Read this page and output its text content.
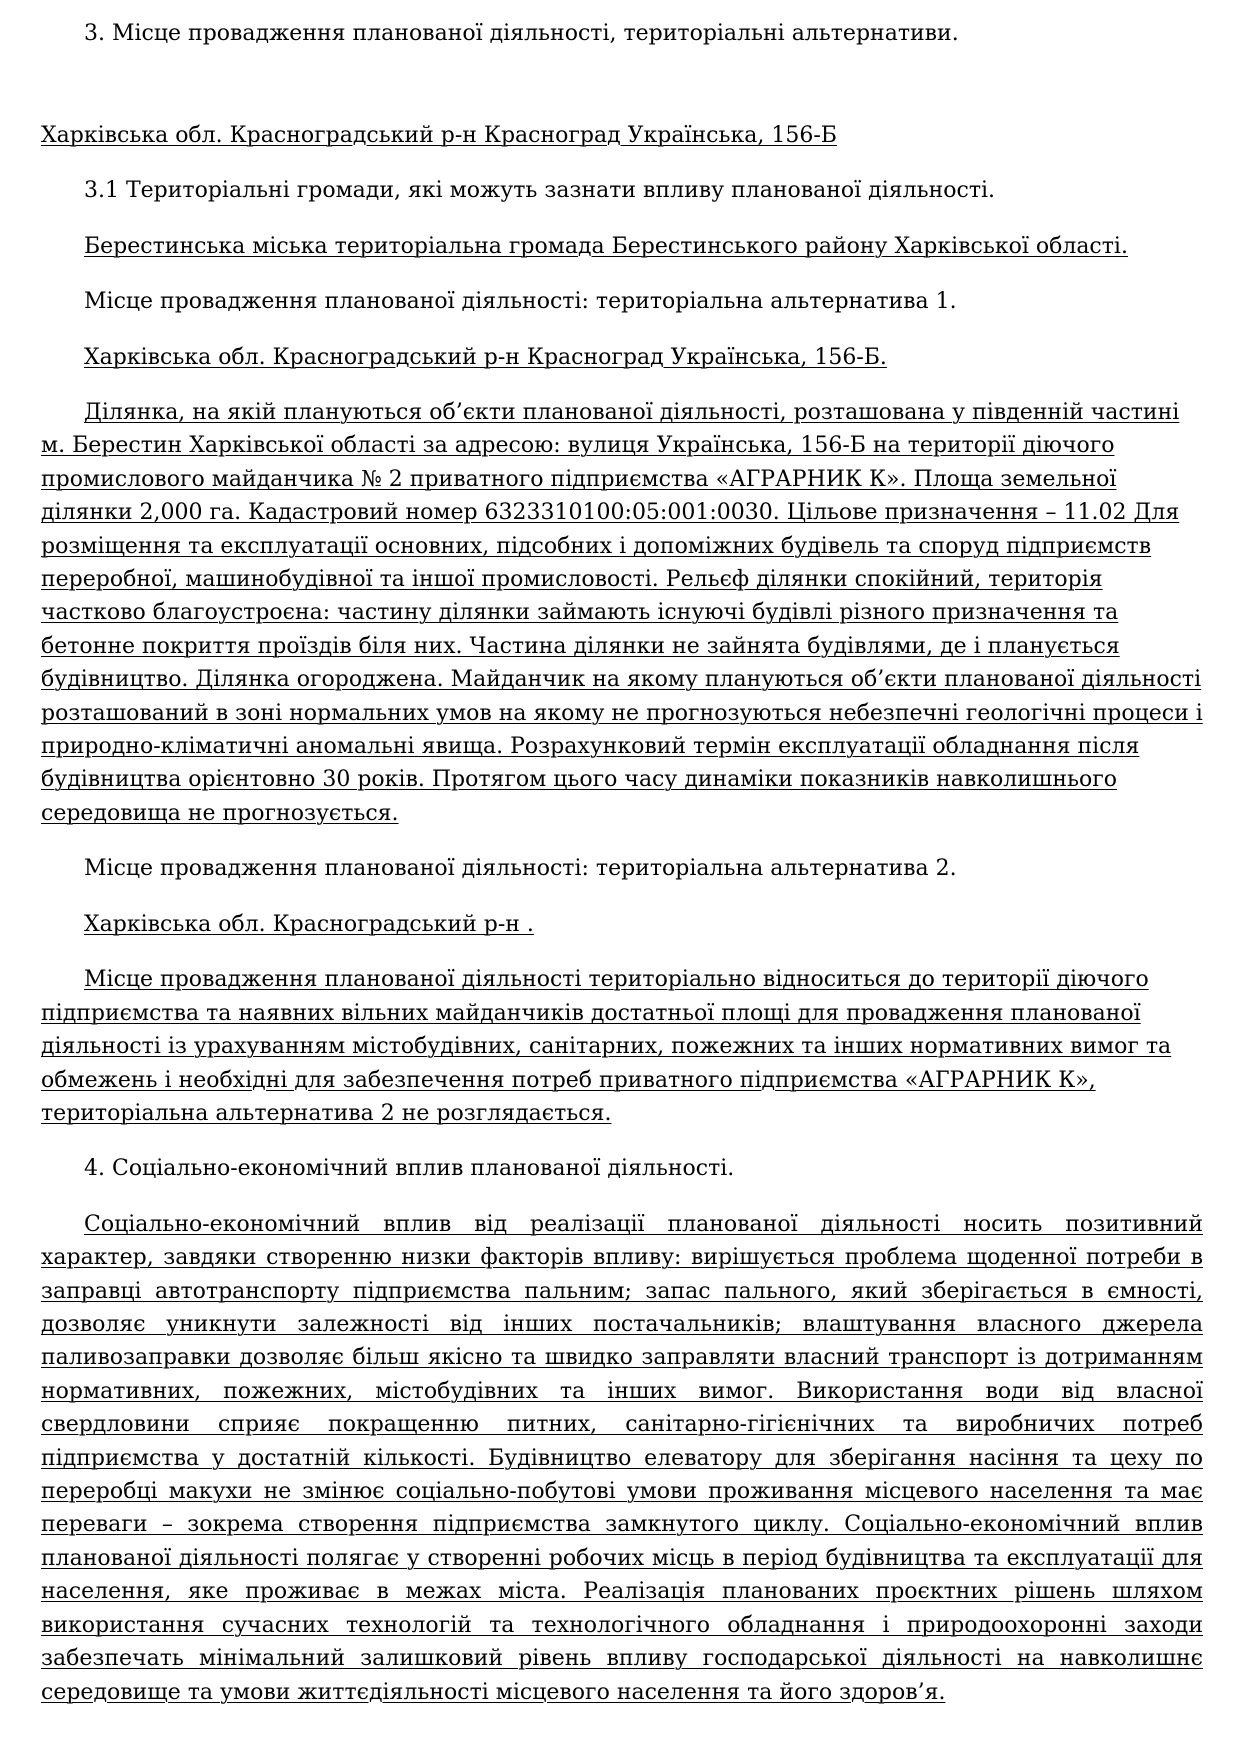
3. Місце провадження планованої діяльності, територіальні альтернативи.

Харківська обл. Красноградський р-н Красноград Українська, 156-Б

3.1 Територіальні громади, які можуть зазнати впливу планованої діяльності.

Берестинська міська територіальна громада Берестинського району Харківської області.

Місце провадження планованої діяльності: територіальна альтернатива 1.

Харківська обл. Красноградський р-н Красноград Українська, 156-Б.

Ділянка, на якій плануються об’єкти планованої діяльності, розташована у південній частині м. Берестин Харківської області за адресою: вулиця Українська, 156-Б на території діючого промислового майданчика № 2 приватного підприємства «АГРАРНИК К». Площа земельної ділянки 2,000 га. Кадастровий номер 6323310100:05:001:0030. Цільове призначення – 11.02 Для розміщення та експлуатації основних, підсобних і допоміжних будівель та споруд підприємств переробної, машинобудівної та іншої промисловості. Рельєф ділянки спокійний, територія частково благоустроєна: частину ділянки займають існуючі будівлі різного призначення та бетонне покриття проїздів біля них. Частина ділянки не зайнята будівлями, де і планується будівництво. Ділянка огороджена. Майданчик на якому плануються об’єкти планованої діяльності розташований в зоні нормальних умов на якому не прогнозуються небезпечні геологічні процеси і природно-кліматичні аномальні явища. Розрахунковий термін експлуатації обладнання після будівництва орієнтовно 30 років. Протягом цього часу динаміки показників навколишнього середовища не прогнозується.

Місце провадження планованої діяльності: територіальна альтернатива 2.

Харківська обл. Красноградський р-н .

Місце провадження планованої діяльності територіально відноситься до території діючого підприємства та наявних вільних майданчиків достатньої площі для провадження планованої діяльності із урахуванням містобудівних, санітарних, пожежних та інших нормативних вимог та обмежень і необхідні для забезпечення потреб приватного підприємства «АГРАРНИК К», територіальна альтернатива 2 не розглядається.

4. Соціально-економічний вплив планованої діяльності.

Соціально-економічний вплив від реалізації планованої діяльності носить позитивний характер, завдяки створенню низки факторів впливу: вирішується проблема щоденної потреби в заправці автотранспорту підприємства пальним; запас пального, який зберігається в ємності, дозволяє уникнути залежності від інших постачальників; влаштування власного джерела паливозаправки дозволяє більш якісно та швидко заправляти власний транспорт із дотриманням нормативних, пожежних, містобудівних та інших вимог. Використання води від власної свердловини сприяє покращенню питних, санітарно-гігієнічних та виробничих потреб підприємства у достатній кількості. Будівництво елеватору для зберігання насіння та цеху по переробці макухи не змінює соціально-побутові умови проживання місцевого населення та має переваги – зокрема створення підприємства замкнутого циклу. Соціально-економічний вплив планованої діяльності полягає у створенні робочих місць в період будівництва та експлуатації для населення, яке проживає в межах міста. Реалізація планованих проєктних рішень шляхом використання сучасних технологій та технологічного обладнання і природоохоронні заходи забезпечать мінімальний залишковий рівень впливу господарської діяльності на навколишнє середовище та умови життєдіяльності місцевого населення та його здоров’я.
